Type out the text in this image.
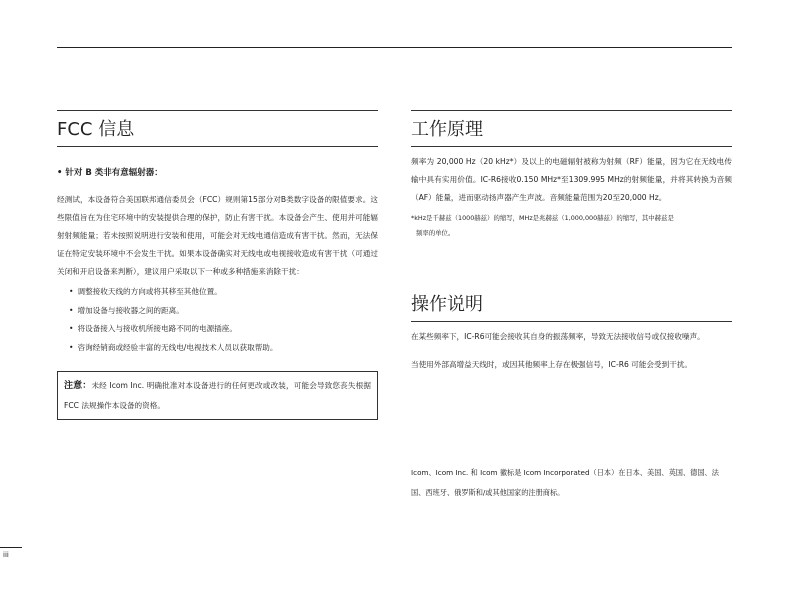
FCC 信息
• 针对 B 类非有意辐射器：

经测试，本设备符合美国联邦通信委员会（FCC）规则第15部分对B类数字设备的限值要求。这些限值旨在为住宅环境中的安装提供合理的保护，防止有害干扰。本设备会产生、使用并可能辐射射频能量；若未按照说明进行安装和使用，可能会对无线电通信造成有害干扰。然而，无法保证在特定安装环境中不会发生干扰。如果本设备确实对无线电或电视接收造成有害干扰（可通过关闭和开启设备来判断），建议用户采取以下一种或多种措施来消除干扰：

• 调整接收天线的方向或将其移至其他位置。
• 增加设备与接收器之间的距离。
• 将设备接入与接收机所接电路不同的电源插座。
• 咨询经销商或经验丰富的无线电/电视技术人员以获取帮助。
注意：未经 Icom Inc. 明确批准对本设备进行的任何更改或改装，可能会导致您丧失根据 FCC 法规操作本设备的资格。
工作原理

频率为 20,000 Hz（20 kHz*）及以上的电磁辐射被称为射频（RF）能量，因为它在无线电传输中具有实用价值。IC-R6接收0.150 MHz*至1309.995 MHz的射频能量，并将其转换为音频（AF）能量，进而驱动扬声器产生声波。音频能量范围为20至20,000 Hz。

*kHz是千赫兹（1000赫兹）的缩写，MHz是兆赫兹（1,000,000赫兹）的缩写，其中赫兹是
频率的单位。
操作说明

在某些频率下，IC-R6可能会接收其自身的振荡频率，导致无法接收信号或仅接收噪声。

当使用外部高增益天线时，或因其他频率上存在极强信号，IC-R6 可能会受到干扰。

Icom、Icom Inc. 和 Icom 徽标是 Icom Incorporated（日本）在日本、美国、英国、德国、法国、西班牙、俄罗斯和/或其他国家的注册商标。
iii
